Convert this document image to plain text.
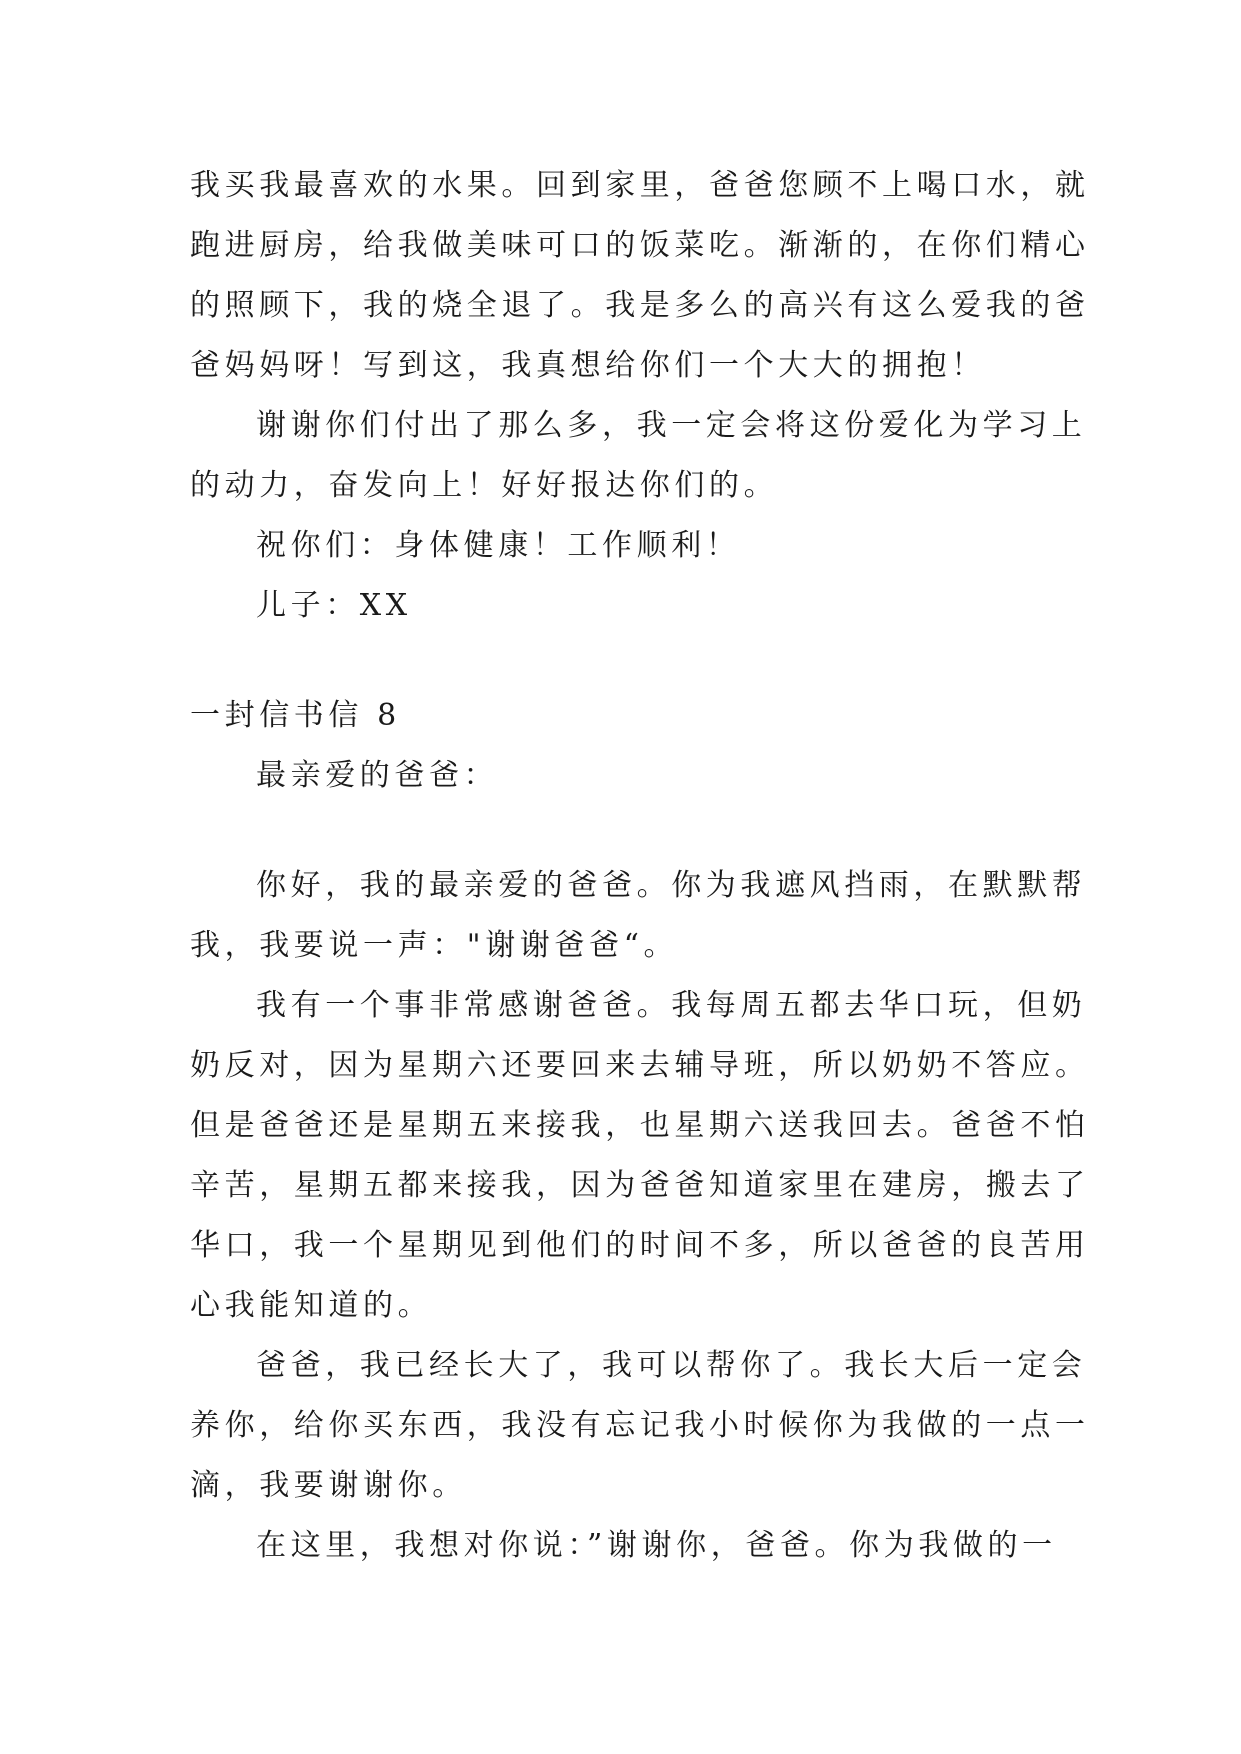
我买我最喜欢的水果。回到家里，爸爸您顾不上喝口水，就
跑进厨房，给我做美味可口的饭菜吃。渐渐的，在你们精心
的照顾下，我的烧全退了。我是多么的高兴有这么爱我的爸
爸妈妈呀！写到这，我真想给你们一个大大的拥抱！
谢谢你们付出了那么多，我一定会将这份爱化为学习上
的动力，奋发向上！好好报达你们的。
祝你们：身体健康！工作顺利！
儿子：XX
一封信书信 8
最亲爱的爸爸：
你好，我的最亲爱的爸爸。你为我遮风挡雨，在默默帮
我，我要说一声："谢谢爸爸“。
我有一个事非常感谢爸爸。我每周五都去华口玩，但奶
奶反对，因为星期六还要回来去辅导班，所以奶奶不答应。
但是爸爸还是星期五来接我，也星期六送我回去。爸爸不怕
辛苦，星期五都来接我，因为爸爸知道家里在建房，搬去了
华口，我一个星期见到他们的时间不多，所以爸爸的良苦用
心我能知道的。
爸爸，我已经长大了，我可以帮你了。我长大后一定会
养你，给你买东西，我没有忘记我小时候你为我做的一点一
滴，我要谢谢你。
在这里，我想对你说：”谢谢你，爸爸。你为我做的一
